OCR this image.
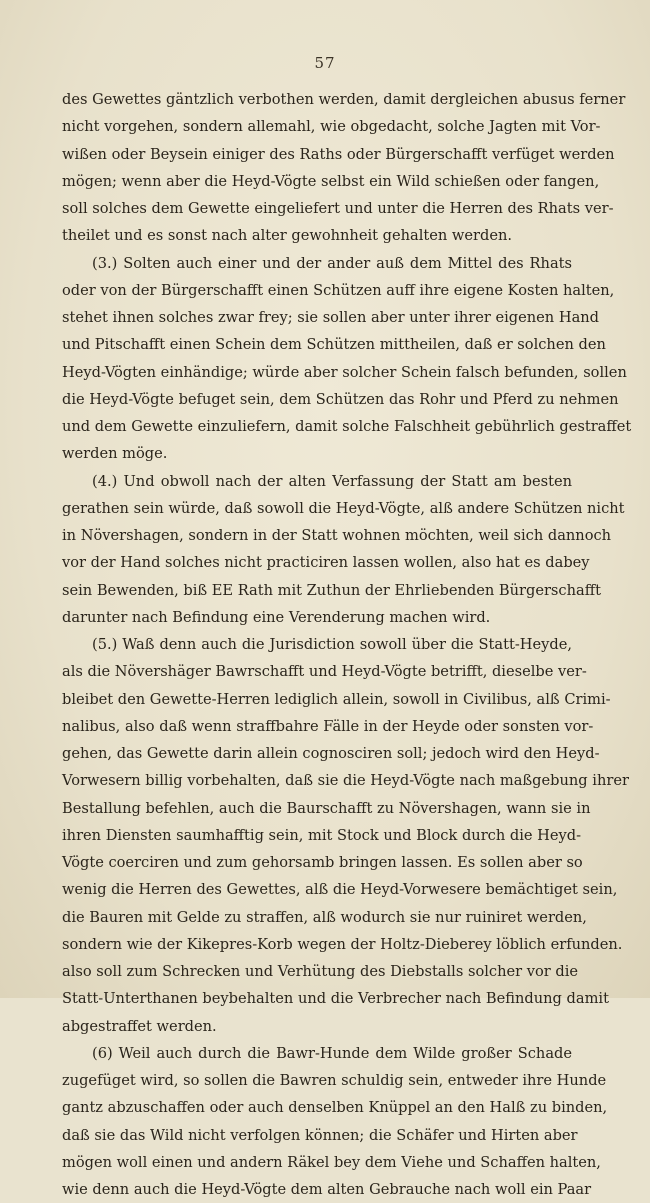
57
des Gewettes gäntzlich verbothen werden, damit dergleichen abusus ferner
nicht vorgehen, sondern allemahl, wie obgedacht, solche Jagten mit Vor-
wißen oder Beysein einiger des Raths oder Bürgerschafft verfüget werden
mögen; wenn aber die Heyd-Vögte selbst ein Wild schießen oder fangen,
soll solches dem Gewette eingeliefert und unter die Herren des Rhats ver-
theilet und es sonst nach alter gewohnheit gehalten werden.
(3.) Solten auch einer und der ander auß dem Mittel des Rhats
oder von der Bürgerschafft einen Schützen auff ihre eigene Kosten halten,
stehet ihnen solches zwar frey; sie sollen aber unter ihrer eigenen Hand
und Pitschafft einen Schein dem Schützen mittheilen, daß er solchen den
Heyd-Vögten einhändige; würde aber solcher Schein falsch befunden, sollen
die Heyd-Vögte befuget sein, dem Schützen das Rohr und Pferd zu nehmen
und dem Gewette einzuliefern, damit solche Falschheit gebührlich gestraffet
werden möge.
(4.) Und obwoll nach der alten Verfassung der Statt am besten
gerathen sein würde, daß sowoll die Heyd-Vögte, alß andere Schützen nicht
in Növershagen, sondern in der Statt wohnen möchten, weil sich dannoch
vor der Hand solches nicht practiciren lassen wollen, also hat es dabey
sein Bewenden, biß EE Rath mit Zuthun der Ehrliebenden Bürgerschafft
darunter nach Befindung eine Verenderung machen wird.
(5.) Waß denn auch die Jurisdiction sowoll über die Statt-Heyde,
als die Növershäger Bawrschafft und Heyd-Vögte betrifft, dieselbe ver-
bleibet den Gewette-Herren lediglich allein, sowoll in Civilibus, alß Crimi-
nalibus, also daß wenn straffbahre Fälle in der Heyde oder sonsten vor-
gehen, das Gewette darin allein cognosciren soll; jedoch wird den Heyd-
Vorwesern billig vorbehalten, daß sie die Heyd-Vögte nach maßgebung ihrer
Bestallung befehlen, auch die Baurschafft zu Növershagen, wann sie in
ihren Diensten saumhafftig sein, mit Stock und Block durch die Heyd-
Vögte coerciren und zum gehorsamb bringen lassen. Es sollen aber so
wenig die Herren des Gewettes, alß die Heyd-Vorwesere bemächtiget sein,
die Bauren mit Gelde zu straffen, alß wodurch sie nur ruiniret werden,
sondern wie der Kikepres-Korb wegen der Holtz-Dieberey löblich erfunden.
also soll zum Schrecken und Verhütung des Diebstalls solcher vor die
Statt-Unterthanen beybehalten und die Verbrecher nach Befindung damit
abgestraffet werden.
(6) Weil auch durch die Bawr-Hunde dem Wilde großer Schade
zugefüget wird, so sollen die Bawren schuldig sein, entweder ihre Hunde
gantz abzuschaffen oder auch denselben Knüppel an den Halß zu binden,
daß sie das Wild nicht verfolgen können; die Schäfer und Hirten aber
mögen woll einen und andern Räkel bey dem Viehe und Schaffen halten,
wie denn auch die Heyd-Vögte dem alten Gebrauche nach woll ein Paar
